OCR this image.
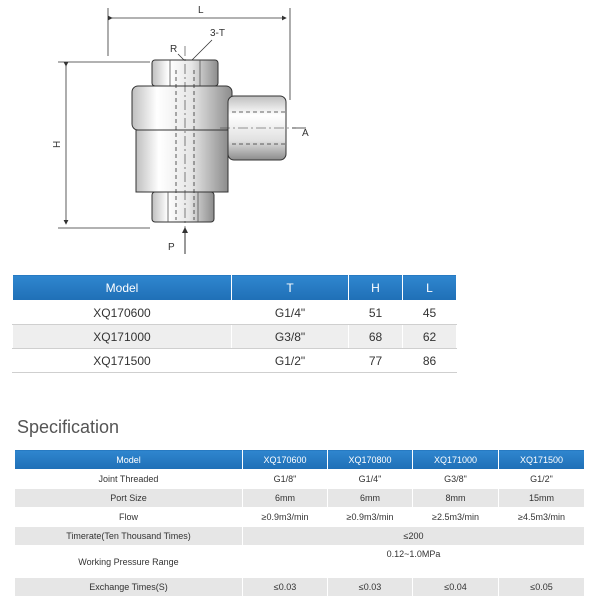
L
H
3-T
R
A
P
Model	T	H	L
XQ170600	G1/4"	51	45
XQ171000	G3/8"	68	62
XQ171500	G1/2"	77	86
Specification
Model	XQ170600	XQ170800	XQ171000	XQ171500
Joint Threaded	G1/8"	G1/4"	G3/8"	G1/2"
Port Size	6mm	6mm	8mm	15mm
Flow	≥0.9m3/min	≥0.9m3/min	≥2.5m3/min	≥4.5m3/min
Timerate(Ten Thousand Times)	≤200			
Working Pressure Range	0.12~1.0MPa			
Exchange Times(S)	≤0.03	≤0.03	≤0.04	≤0.05
